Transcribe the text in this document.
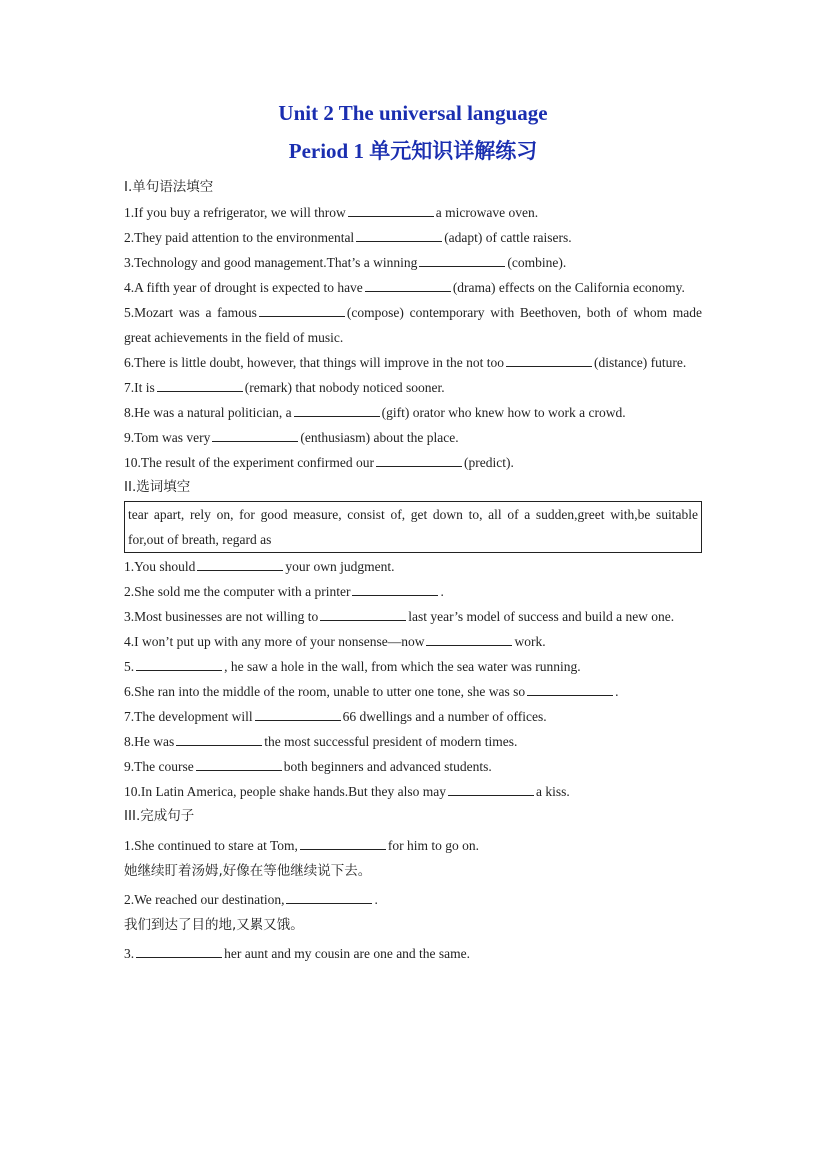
Unit 2 The universal language
Period 1 单元知识详解练习
I.单句语法填空
1.If you buy a refrigerator, we will throw	a microwave oven.
2.They paid attention to the environmental	(adapt) of cattle raisers.
3.Technology and good management.That’s a winning	(combine).
4.A fifth year of drought is expected to have	(drama) effects on the California economy.
5.Mozart was a famous	(compose) contemporary with Beethoven, both of whom made great achievements in the field of music.
6.There is little doubt, however, that things will improve in the not too	(distance) future.
7.It is	(remark) that nobody noticed sooner.
8.He was a natural politician, a	(gift) orator who knew how to work a crowd.
9.Tom was very	(enthusiasm) about the place.
10.The result of the experiment confirmed our	(predict).
II.选词填空
tear apart, rely on, for good measure, consist of, get down to, all of a sudden,greet with,be suitable for,out of breath, regard as
1.You should	your own judgment.
2.She sold me the computer with a printer	.
3.Most businesses are not willing to	last year’s model of success and build a new one.
4.I won’t put up with any more of your nonsense—now	work.
5.	, he saw a hole in the wall, from which the sea water was running.
6.She ran into the middle of the room, unable to utter one tone, she was so	.
7.The development will	66 dwellings and a number of offices.
8.He was	the most successful president of modern times.
9.The course	both beginners and advanced students.
10.In Latin America, people shake hands.But they also may	a kiss.
III.完成句子
1.She continued to stare at Tom,	for him to go on.
她继续盯着汤姆,好像在等他继续说下去。
2.We reached our destination,	.
我们到达了目的地,又累又饿。
3.	her aunt and my cousin are one and the same.
